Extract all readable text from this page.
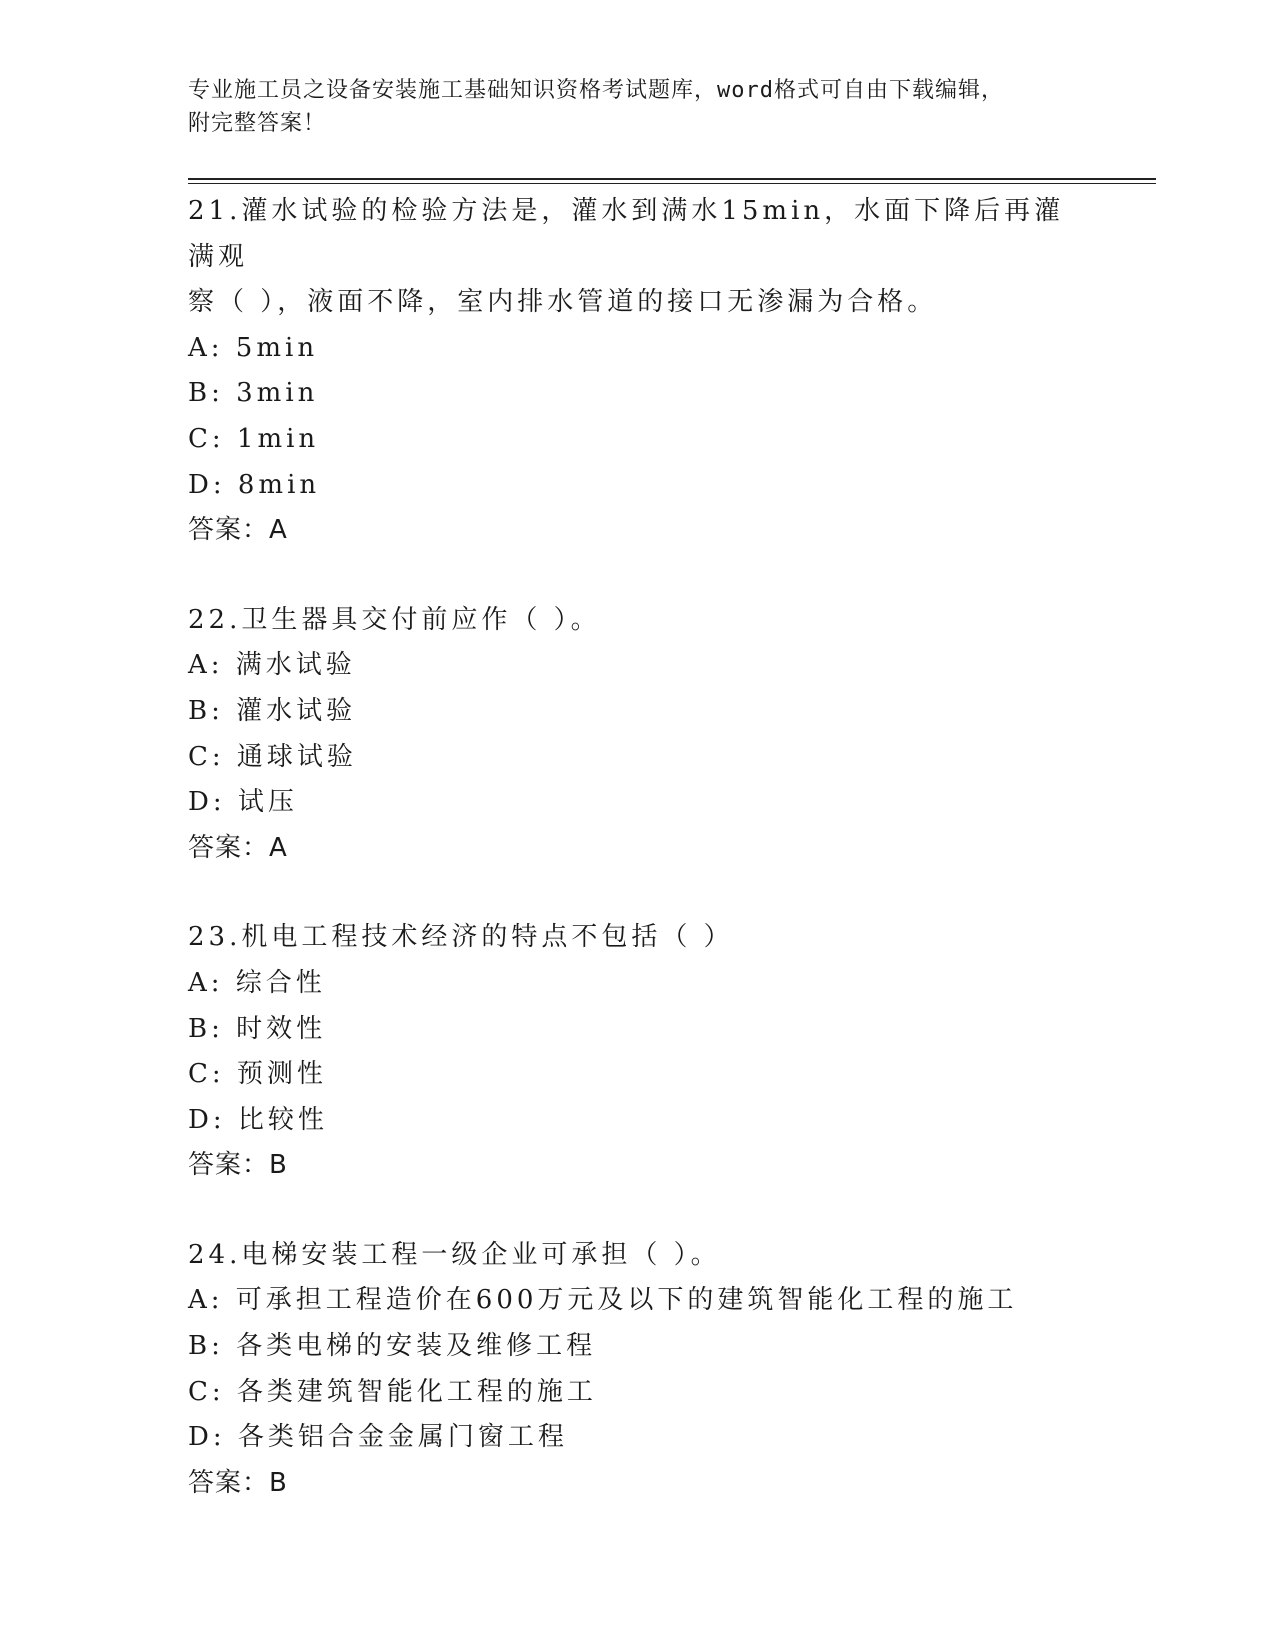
专业施工员之设备安装施工基础知识资格考试题库，word格式可自由下载编辑，
附完整答案！
21.灌水试验的检验方法是，灌水到满水15min，水面下降后再灌满观
察（ ），液面不降，室内排水管道的接口无渗漏为合格。
A: 5min
B: 3min
C: 1min
D: 8min
答案：A
22.卫生器具交付前应作（ ）。
A: 满水试验
B: 灌水试验
C: 通球试验
D: 试压
答案：A
23.机电工程技术经济的特点不包括（ ）
A: 综合性
B: 时效性
C: 预测性
D: 比较性
答案：B
24.电梯安装工程一级企业可承担（ ）。
A: 可承担工程造价在600万元及以下的建筑智能化工程的施工
B: 各类电梯的安装及维修工程
C: 各类建筑智能化工程的施工
D: 各类铝合金金属门窗工程
答案：B
